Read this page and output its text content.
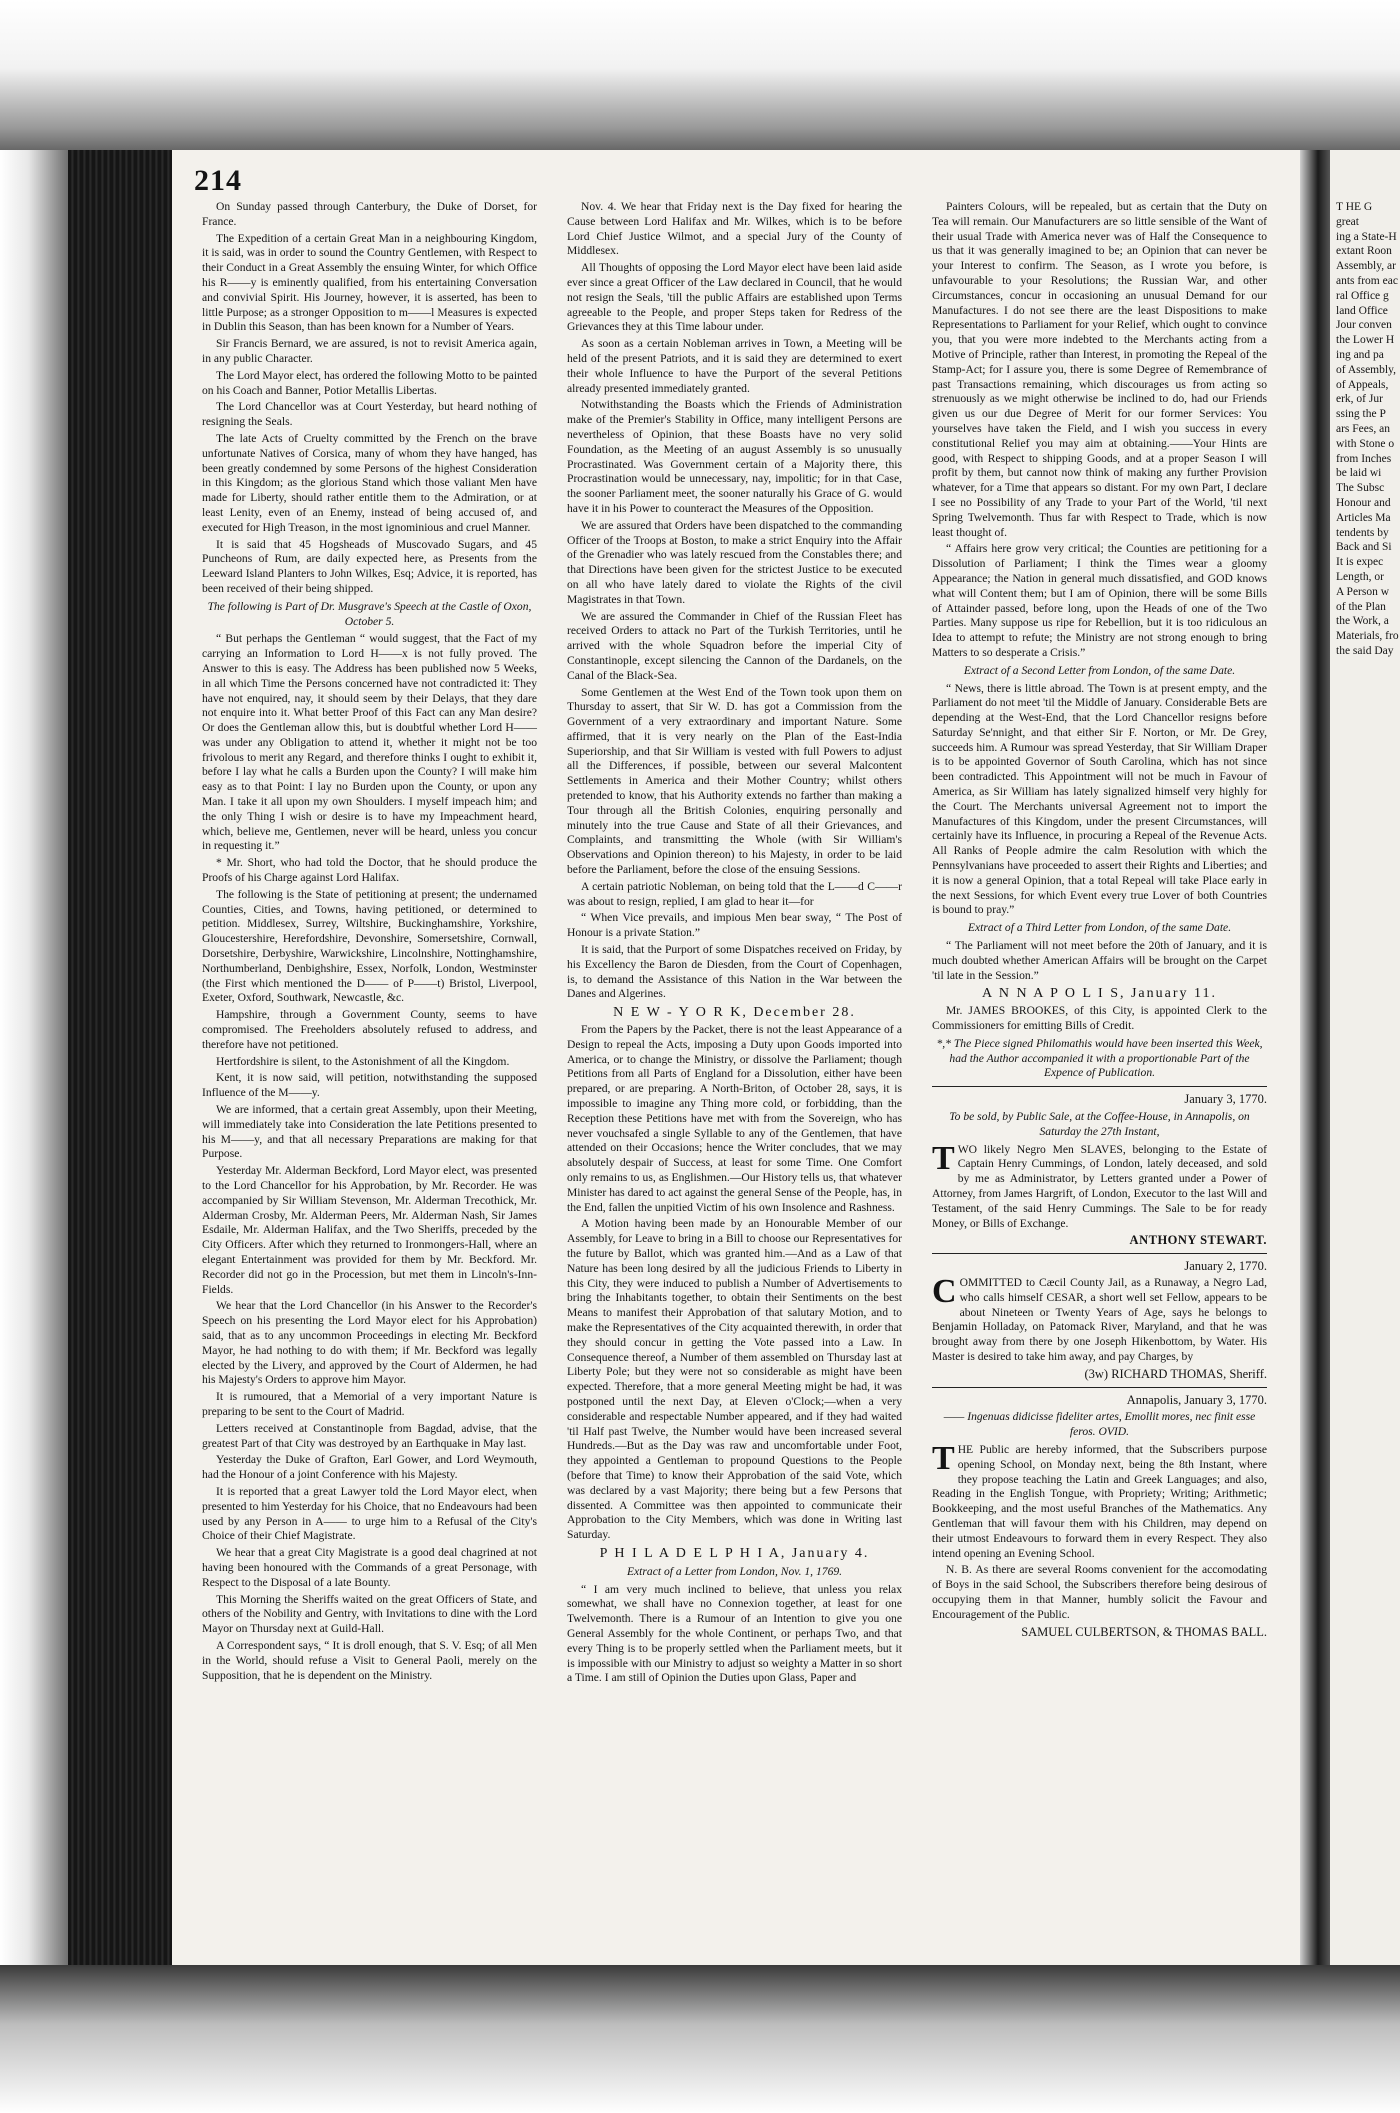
214

On Sunday passed through Canterbury, the Duke of Dorset, for France.

The Expedition of a certain Great Man in a neighbouring Kingdom, it is said, was in order to sound the Country Gentlemen, with Respect to their Conduct in a Great Assembly the ensuing Winter, for which Office his R——y is eminently qualified, from his entertaining Conversation and convivial Spirit. His Journey, however, it is asserted, has been to little Purpose; as a stronger Opposition to m——l Measures is expected in Dublin this Season, than has been known for a Number of Years.

Sir Francis Bernard, we are assured, is not to revisit America again, in any public Character.

The Lord Mayor elect, has ordered the following Motto to be painted on his Coach and Banner, Potior Metallis Libertas.

The Lord Chancellor was at Court Yesterday, but heard nothing of resigning the Seals.

The late Acts of Cruelty committed by the French on the brave unfortunate Natives of Corsica, many of whom they have hanged, has been greatly condemned by some Persons of the highest Consideration in this Kingdom; as the glorious Stand which those valiant Men have made for Liberty, should rather entitle them to the Admiration, or at least Lenity, even of an Enemy, instead of being accused of, and executed for High Treason, in the most ignominious and cruel Manner.

It is said that 45 Hogsheads of Muscovado Sugars, and 45 Puncheons of Rum, are daily expected here, as Presents from the Leeward Island Planters to John Wilkes, Esq; Advice, it is reported, has been received of their being shipped.

The following is Part of Dr. Musgrave's Speech at the Castle of Oxon, October 5.

“ But perhaps the Gentleman “ would suggest, that the Fact of my carrying an Information to Lord H——x is not fully proved. The Answer to this is easy. The Address has been published now 5 Weeks, in all which Time the Persons concerned have not contradicted it: They have not enquired, nay, it should seem by their Delays, that they dare not enquire into it. What better Proof of this Fact can any Man desire? Or does the Gentleman allow this, but is doubtful whether Lord H—— was under any Obligation to attend it, whether it might not be too frivolous to merit any Regard, and therefore thinks I ought to exhibit it, before I lay what he calls a Burden upon the County? I will make him easy as to that Point: I lay no Burden upon the County, or upon any Man. I take it all upon my own Shoulders. I myself impeach him; and the only Thing I wish or desire is to have my Impeachment heard, which, believe me, Gentlemen, never will be heard, unless you concur in requesting it.”

* Mr. Short, who had told the Doctor, that he should produce the Proofs of his Charge against Lord Halifax.

The following is the State of petitioning at present; the undernamed Counties, Cities, and Towns, having petitioned, or determined to petition. Middlesex, Surrey, Wiltshire, Buckinghamshire, Yorkshire, Gloucestershire, Herefordshire, Devonshire, Somersetshire, Cornwall, Dorsetshire, Derbyshire, Warwickshire, Lincolnshire, Nottinghamshire, Northumberland, Denbighshire, Essex, Norfolk, London, Westminster (the First which mentioned the D—— of P——t) Bristol, Liverpool, Exeter, Oxford, Southwark, Newcastle, &c.

Hampshire, through a Government County, seems to have compromised. The Freeholders absolutely refused to address, and therefore have not petitioned.

Hertfordshire is silent, to the Astonishment of all the Kingdom.

Kent, it is now said, will petition, notwithstanding the supposed Influence of the M——y.

We are informed, that a certain great Assembly, upon their Meeting, will immediately take into Consideration the late Petitions presented to his M——y, and that all necessary Preparations are making for that Purpose.

Yesterday Mr. Alderman Beckford, Lord Mayor elect, was presented to the Lord Chancellor for his Approbation, by Mr. Recorder. He was accompanied by Sir William Stevenson, Mr. Alderman Trecothick, Mr. Alderman Crosby, Mr. Alderman Peers, Mr. Alderman Nash, Sir James Esdaile, Mr. Alderman Halifax, and the Two Sheriffs, preceded by the City Officers. After which they returned to Ironmongers-Hall, where an elegant Entertainment was provided for them by Mr. Beckford. Mr. Recorder did not go in the Procession, but met them in Lincoln's-Inn-Fields.

We hear that the Lord Chancellor (in his Answer to the Recorder's Speech on his presenting the Lord Mayor elect for his Approbation) said, that as to any uncommon Proceedings in electing Mr. Beckford Mayor, he had nothing to do with them; if Mr. Beckford was legally elected by the Livery, and approved by the Court of Aldermen, he had his Majesty's Orders to approve him Mayor.

It is rumoured, that a Memorial of a very important Nature is preparing to be sent to the Court of Madrid.

Letters received at Constantinople from Bagdad, advise, that the greatest Part of that City was destroyed by an Earthquake in May last.

Yesterday the Duke of Grafton, Earl Gower, and Lord Weymouth, had the Honour of a joint Conference with his Majesty.

It is reported that a great Lawyer told the Lord Mayor elect, when presented to him Yesterday for his Choice, that no Endeavours had been used by any Person in A—— to urge him to a Refusal of the City's Choice of their Chief Magistrate.

We hear that a great City Magistrate is a good deal chagrined at not having been honoured with the Commands of a great Personage, with Respect to the Disposal of a late Bounty.

This Morning the Sheriffs waited on the great Officers of State, and others of the Nobility and Gentry, with Invitations to dine with the Lord Mayor on Thursday next at Guild-Hall.

A Correspondent says, “ It is droll enough, that S. V. Esq; of all Men in the World, should refuse a Visit to General Paoli, merely on the Supposition, that he is dependent on the Ministry.

Nov. 4. We hear that Friday next is the Day fixed for hearing the Cause between Lord Halifax and Mr. Wilkes, which is to be before Lord Chief Justice Wilmot, and a special Jury of the County of Middlesex.

All Thoughts of opposing the Lord Mayor elect have been laid aside ever since a great Officer of the Law declared in Council, that he would not resign the Seals, 'till the public Affairs are established upon Terms agreeable to the People, and proper Steps taken for Redress of the Grievances they at this Time labour under.

As soon as a certain Nobleman arrives in Town, a Meeting will be held of the present Patriots, and it is said they are determined to exert their whole Influence to have the Purport of the several Petitions already presented immediately granted.

Notwithstanding the Boasts which the Friends of Administration make of the Premier's Stability in Office, many intelligent Persons are nevertheless of Opinion, that these Boasts have no very solid Foundation, as the Meeting of an august Assembly is so unusually Procrastinated. Was Government certain of a Majority there, this Procrastination would be unnecessary, nay, impolitic; for in that Case, the sooner Parliament meet, the sooner naturally his Grace of G. would have it in his Power to counteract the Measures of the Opposition.

We are assured that Orders have been dispatched to the commanding Officer of the Troops at Boston, to make a strict Enquiry into the Affair of the Grenadier who was lately rescued from the Constables there; and that Directions have been given for the strictest Justice to be executed on all who have lately dared to violate the Rights of the civil Magistrates in that Town.

We are assured the Commander in Chief of the Russian Fleet has received Orders to attack no Part of the Turkish Territories, until he arrived with the whole Squadron before the imperial City of Constantinople, except silencing the Cannon of the Dardanels, on the Canal of the Black-Sea.

Some Gentlemen at the West End of the Town took upon them on Thursday to assert, that Sir W. D. has got a Commission from the Government of a very extraordinary and important Nature. Some affirmed, that it is very nearly on the Plan of the East-India Superiorship, and that Sir William is vested with full Powers to adjust all the Differences, if possible, between our several Malcontent Settlements in America and their Mother Country; whilst others pretended to know, that his Authority extends no farther than making a Tour through all the British Colonies, enquiring personally and minutely into the true Cause and State of all their Grievances, and Complaints, and transmitting the Whole (with Sir William's Observations and Opinion thereon) to his Majesty, in order to be laid before the Parliament, before the close of the ensuing Sessions.

A certain patriotic Nobleman, on being told that the L——d C——r was about to resign, replied, I am glad to hear it—for

“ When Vice prevails, and impious Men bear sway, “ The Post of Honour is a private Station.”

It is said, that the Purport of some Dispatches received on Friday, by his Excellency the Baron de Diesden, from the Court of Copenhagen, is, to demand the Assistance of this Nation in the War between the Danes and Algerines.

N E W - Y O R K, December 28.

From the Papers by the Packet, there is not the least Appearance of a Design to repeal the Acts, imposing a Duty upon Goods imported into America, or to change the Ministry, or dissolve the Parliament; though Petitions from all Parts of England for a Dissolution, either have been prepared, or are preparing. A North-Briton, of October 28, says, it is impossible to imagine any Thing more cold, or forbidding, than the Reception these Petitions have met with from the Sovereign, who has never vouchsafed a single Syllable to any of the Gentlemen, that have attended on their Occasions; hence the Writer concludes, that we may absolutely despair of Success, at least for some Time. One Comfort only remains to us, as Englishmen.—Our History tells us, that whatever Minister has dared to act against the general Sense of the People, has, in the End, fallen the unpitied Victim of his own Insolence and Rashness.

A Motion having been made by an Honourable Member of our Assembly, for Leave to bring in a Bill to choose our Representatives for the future by Ballot, which was granted him.—And as a Law of that Nature has been long desired by all the judicious Friends to Liberty in this City, they were induced to publish a Number of Advertisements to bring the Inhabitants together, to obtain their Sentiments on the best Means to manifest their Approbation of that salutary Motion, and to make the Representatives of the City acquainted therewith, in order that they should concur in getting the Vote passed into a Law. In Consequence thereof, a Number of them assembled on Thursday last at Liberty Pole; but they were not so considerable as might have been expected. Therefore, that a more general Meeting might be had, it was postponed until the next Day, at Eleven o'Clock;—when a very considerable and respectable Number appeared, and if they had waited 'til Half past Twelve, the Number would have been increased several Hundreds.—But as the Day was raw and uncomfortable under Foot, they appointed a Gentleman to propound Questions to the People (before that Time) to know their Approbation of the said Vote, which was declared by a vast Majority; there being but a few Persons that dissented. A Committee was then appointed to communicate their Approbation to the City Members, which was done in Writing last Saturday.

P H I L A D E L P H I A, January 4.

Extract of a Letter from London, Nov. 1, 1769.

“ I am very much inclined to believe, that unless you relax somewhat, we shall have no Connexion together, at least for one Twelvemonth. There is a Rumour of an Intention to give you one General Assembly for the whole Continent, or perhaps Two, and that every Thing is to be properly settled when the Parliament meets, but it is impossible with our Ministry to adjust so weighty a Matter in so short a Time. I am still of Opinion the Duties upon Glass, Paper and

Painters Colours, will be repealed, but as certain that the Duty on Tea will remain. Our Manufacturers are so little sensible of the Want of their usual Trade with America never was of Half the Consequence to us that it was generally imagined to be; an Opinion that can never be your Interest to confirm. The Season, as I wrote you before, is unfavourable to your Resolutions; the Russian War, and other Circumstances, concur in occasioning an unusual Demand for our Manufactures. I do not see there are the least Dispositions to make Representations to Parliament for your Relief, which ought to convince you, that you were more indebted to the Merchants acting from a Motive of Principle, rather than Interest, in promoting the Repeal of the Stamp-Act; for I assure you, there is some Degree of Remembrance of past Transactions remaining, which discourages us from acting so strenuously as we might otherwise be inclined to do, had our Friends given us our due Degree of Merit for our former Services: You yourselves have taken the Field, and I wish you success in every constitutional Relief you may aim at obtaining.——Your Hints are good, with Respect to shipping Goods, and at a proper Season I will profit by them, but cannot now think of making any further Provision whatever, for a Time that appears so distant. For my own Part, I declare I see no Possibility of any Trade to your Part of the World, 'til next Spring Twelvemonth. Thus far with Respect to Trade, which is now least thought of.

“ Affairs here grow very critical; the Counties are petitioning for a Dissolution of Parliament; I think the Times wear a gloomy Appearance; the Nation in general much dissatisfied, and GOD knows what will Content them; but I am of Opinion, there will be some Bills of Attainder passed, before long, upon the Heads of one of the Two Parties. Many suppose us ripe for Rebellion, but it is too ridiculous an Idea to attempt to refute; the Ministry are not strong enough to bring Matters to so desperate a Crisis.”

Extract of a Second Letter from London, of the same Date.

“ News, there is little abroad. The Town is at present empty, and the Parliament do not meet 'til the Middle of January. Considerable Bets are depending at the West-End, that the Lord Chancellor resigns before Saturday Se'nnight, and that either Sir F. Norton, or Mr. De Grey, succeeds him. A Rumour was spread Yesterday, that Sir William Draper is to be appointed Governor of South Carolina, which has not since been contradicted. This Appointment will not be much in Favour of America, as Sir William has lately signalized himself very highly for the Court. The Merchants universal Agreement not to import the Manufactures of this Kingdom, under the present Circumstances, will certainly have its Influence, in procuring a Repeal of the Revenue Acts. All Ranks of People admire the calm Resolution with which the Pennsylvanians have proceeded to assert their Rights and Liberties; and it is now a general Opinion, that a total Repeal will take Place early in the next Sessions, for which Event every true Lover of both Countries is bound to pray.”

Extract of a Third Letter from London, of the same Date.

“ The Parliament will not meet before the 20th of January, and it is much doubted whether American Affairs will be brought on the Carpet 'til late in the Session.”

A N N A P O L I S, January 11.

Mr. JAMES BROOKES, of this City, is appointed Clerk to the Commissioners for emitting Bills of Credit.

*,* The Piece signed Philomathis would have been inserted this Week, had the Author accompanied it with a proportionable Part of the Expence of Publication.

January 3, 1770.

To be sold, by Public Sale, at the Coffee-House, in Annapolis, on Saturday the 27th Instant,

TWO likely Negro Men SLAVES, belonging to the Estate of Captain Henry Cummings, of London, lately deceased, and sold by me as Administrator, by Letters granted under a Power of Attorney, from James Hargrift, of London, Executor to the last Will and Testament, of the said Henry Cummings. The Sale to be for ready Money, or Bills of Exchange.

ANTHONY STEWART.

January 2, 1770.

COMMITTED to Cæcil County Jail, as a Runaway, a Negro Lad, who calls himself CESAR, a short well set Fellow, appears to be about Nineteen or Twenty Years of Age, says he belongs to Benjamin Holladay, on Patomack River, Maryland, and that he was brought away from there by one Joseph Hikenbottom, by Water. His Master is desired to take him away, and pay Charges, by

(3w) RICHARD THOMAS, Sheriff.

Annapolis, January 3, 1770.

—— Ingenuas didicisse fideliter artes, Emollit mores, nec finit esse feros. OVID.

THE Public are hereby informed, that the Subscribers purpose opening School, on Monday next, being the 8th Instant, where they propose teaching the Latin and Greek Languages; and also, Reading in the English Tongue, with Propriety; Writing; Arithmetic; Bookkeeping, and the most useful Branches of the Mathematics. Any Gentleman that will favour them with his Children, may depend on their utmost Endeavours to forward them in every Respect. They also intend opening an Evening School.

N. B. As there are several Rooms convenient for the accomodating of Boys in the said School, the Subscribers therefore being desirous of occupying them in that Manner, humbly solicit the Favour and Encouragement of the Public.

SAMUEL CULBERTSON, & THOMAS BALL.

T HE G
great
ing a State-H
extant Roon
Assembly, ar
ants from eac
ral Office g
land Office
Jour conven
the Lower H
ing and pa
of Assembly,
of Appeals,
erk, of Jur
ssing the P
ars Fees, an
with Stone o
from Inches
be laid wi
The Subsc
Honour and
Articles Ma
tendents by
Back and Si
It is expec
Length, or
A Person w
of the Plan
the Work, a
Materials, fro
the said Day
